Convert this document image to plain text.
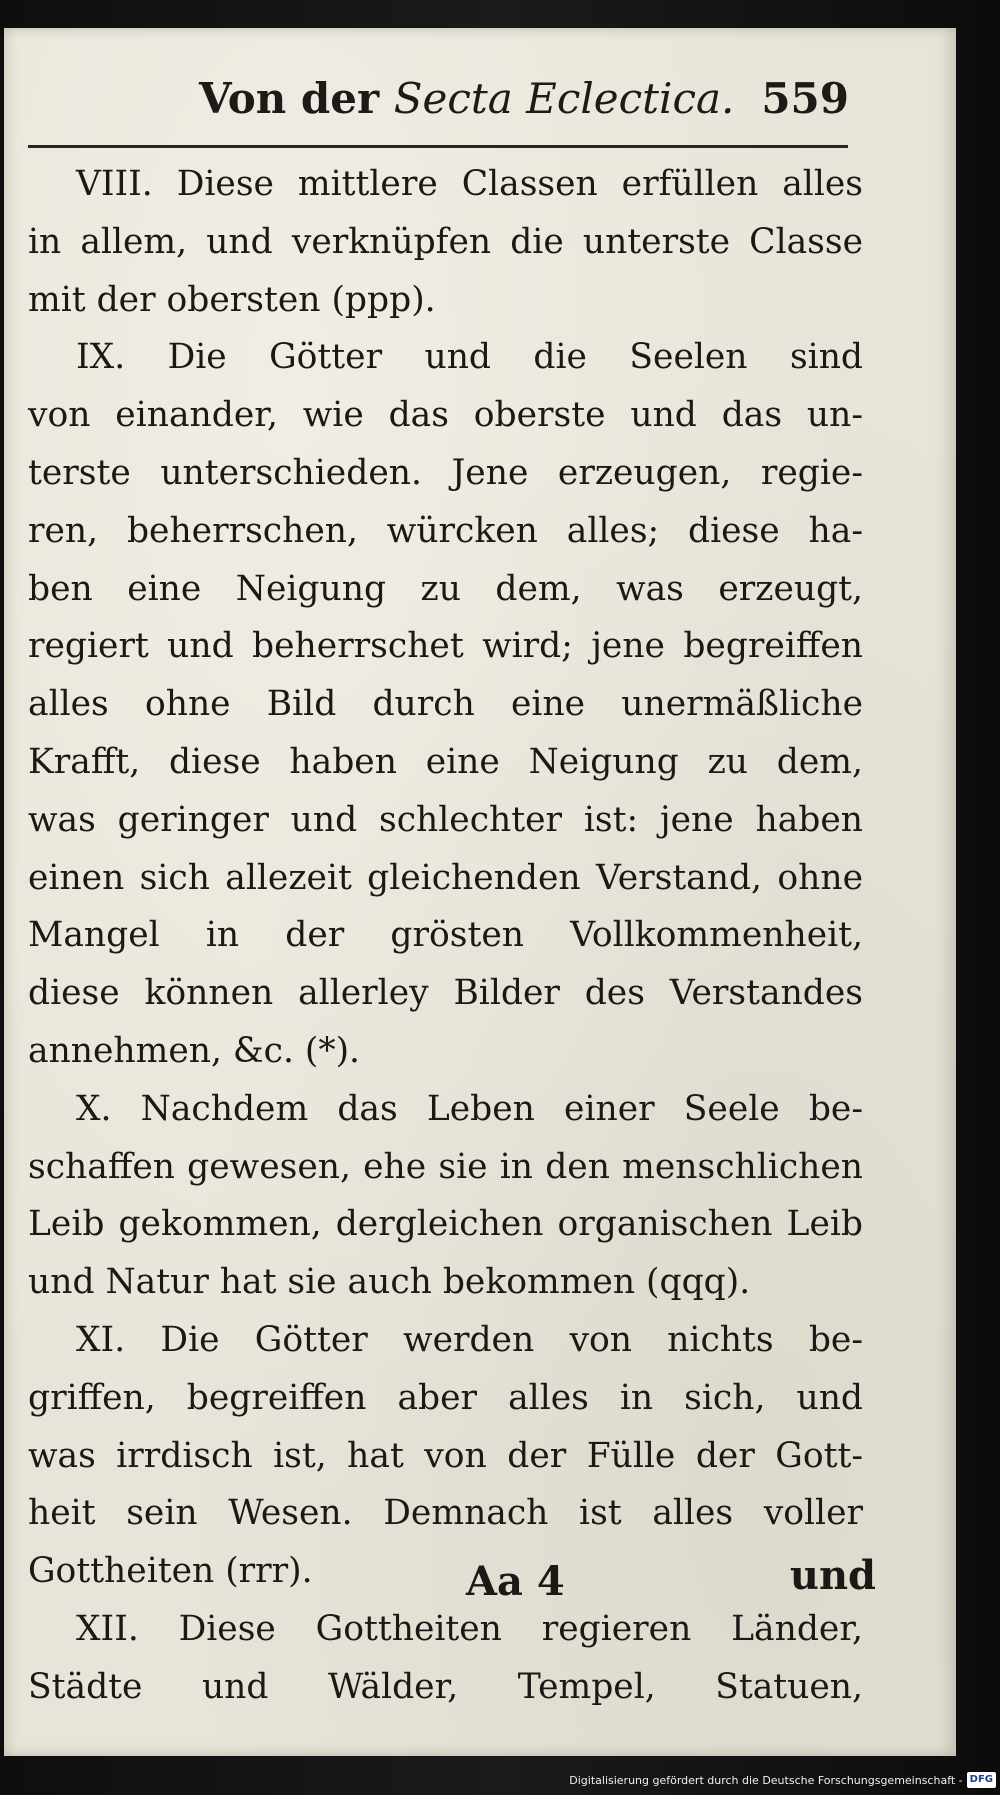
Von der Secta Eclectica. 559
VIII. Diese mittlere Classen erfüllen alles
in allem, und verknüpfen die unterste Classe
mit der obersten (ppp).
IX. Die Götter und die Seelen sind
von einander, wie das oberste und das un-
terste unterschieden. Jene erzeugen, regie-
ren, beherrschen, würcken alles; diese ha-
ben eine Neigung zu dem, was erzeugt,
regiert und beherrschet wird; jene begreiffen
alles ohne Bild durch eine unermäßliche
Krafft, diese haben eine Neigung zu dem,
was geringer und schlechter ist: jene haben
einen sich allezeit gleichenden Verstand, ohne
Mangel in der grösten Vollkommenheit,
diese können allerley Bilder des Verstandes
annehmen, &c. (*).
X. Nachdem das Leben einer Seele be-
schaffen gewesen, ehe sie in den menschlichen
Leib gekommen, dergleichen organischen Leib
und Natur hat sie auch bekommen (qqq).
XI. Die Götter werden von nichts be-
griffen, begreiffen aber alles in sich, und
was irrdisch ist, hat von der Fülle der Gott-
heit sein Wesen. Demnach ist alles voller
Gottheiten (rrr).
XII. Diese Gottheiten regieren Länder,
Städte und Wälder, Tempel, Statuen,
Aa 4	und
Digitalisierung gefördert durch die Deutsche Forschungsgemeinschaft - DFG
